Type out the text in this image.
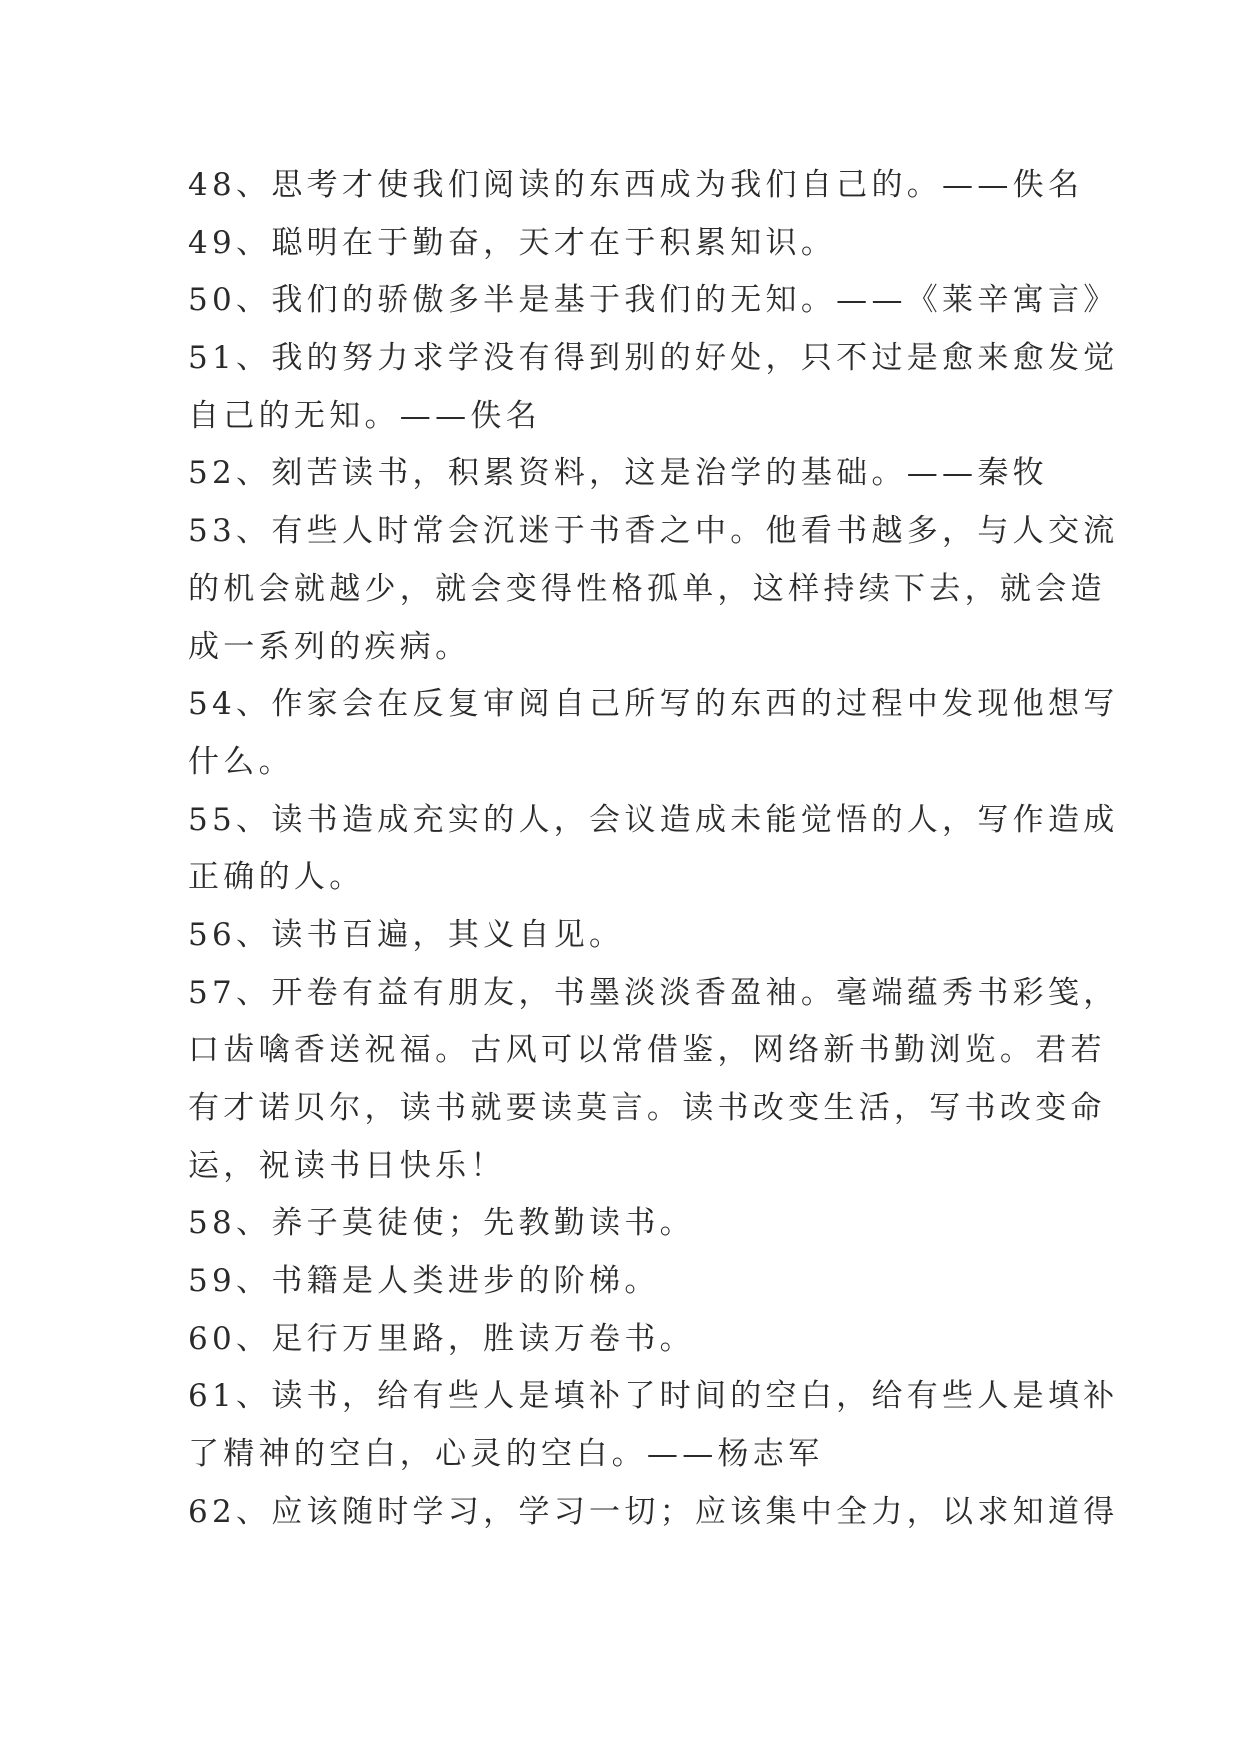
48、思考才使我们阅读的东西成为我们自己的。——佚名
49、聪明在于勤奋，天才在于积累知识。
50、我们的骄傲多半是基于我们的无知。——《莱辛寓言》
51、我的努力求学没有得到别的好处，只不过是愈来愈发觉
自己的无知。——佚名
52、刻苦读书，积累资料，这是治学的基础。——秦牧
53、有些人时常会沉迷于书香之中。他看书越多，与人交流
的机会就越少，就会变得性格孤单，这样持续下去，就会造
成一系列的疾病。
54、作家会在反复审阅自己所写的东西的过程中发现他想写
什么。
55、读书造成充实的人，会议造成未能觉悟的人，写作造成
正确的人。
56、读书百遍，其义自见。
57、开卷有益有朋友，书墨淡淡香盈袖。毫端蕴秀书彩笺，
口齿噙香送祝福。古风可以常借鉴，网络新书勤浏览。君若
有才诺贝尔，读书就要读莫言。读书改变生活，写书改变命
运，祝读书日快乐！
58、养子莫徒使；先教勤读书。
59、书籍是人类进步的阶梯。
60、足行万里路，胜读万卷书。
61、读书，给有些人是填补了时间的空白，给有些人是填补
了精神的空白，心灵的空白。——杨志军
62、应该随时学习，学习一切；应该集中全力，以求知道得
